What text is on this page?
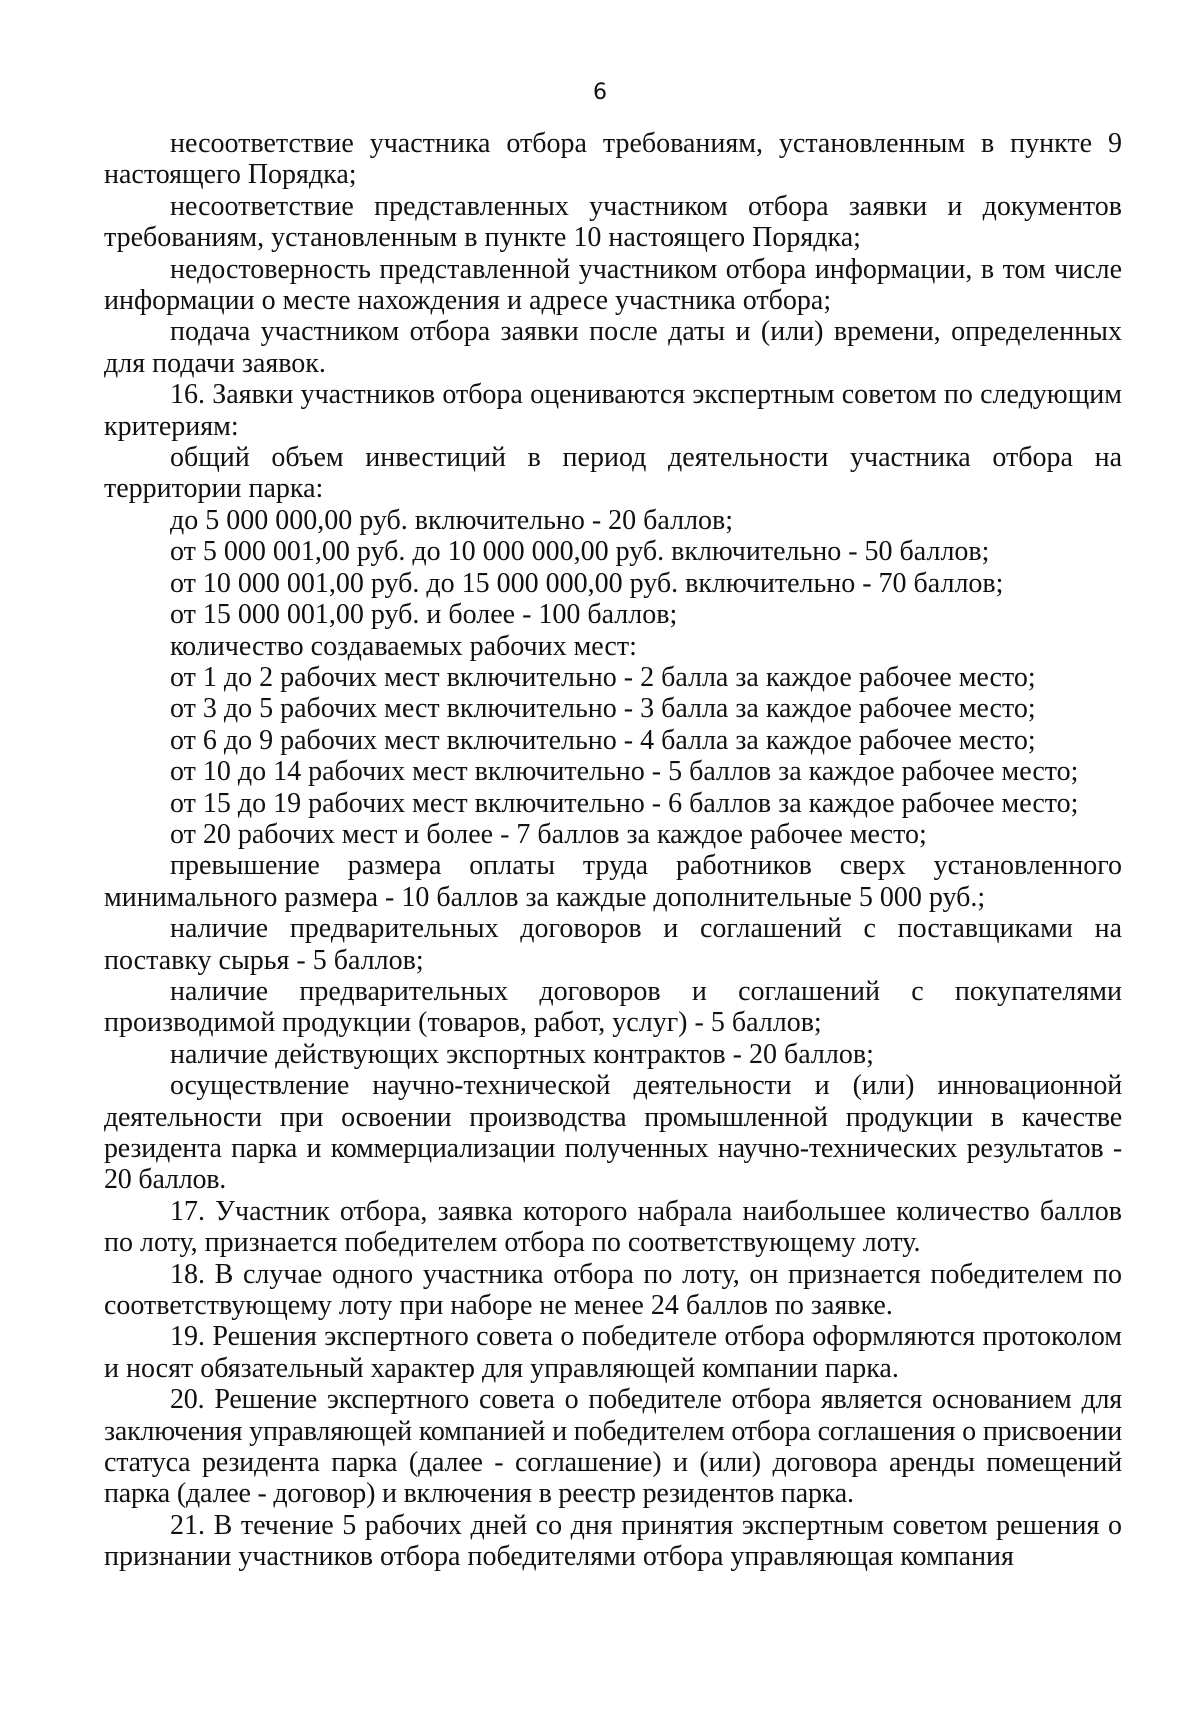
6

несоответствие участника отбора требованиям, установленным в пункте 9 настоящего Порядка;

несоответствие представленных участником отбора заявки и документов требованиям, установленным в пункте 10 настоящего Порядка;

недостоверность представленной участником отбора информации, в том числе информации о месте нахождения и адресе участника отбора;

подача участником отбора заявки после даты и (или) времени, определенных для подачи заявок.

16. Заявки участников отбора оцениваются экспертным советом по следующим критериям:

общий объем инвестиций в период деятельности участника отбора на территории парка:

до 5 000 000,00 руб. включительно - 20 баллов;

от 5 000 001,00 руб. до 10 000 000,00 руб. включительно - 50 баллов;

от 10 000 001,00 руб. до 15 000 000,00 руб. включительно - 70 баллов;

от 15 000 001,00 руб. и более - 100 баллов;

количество создаваемых рабочих мест:

от 1 до 2 рабочих мест включительно - 2 балла за каждое рабочее место;

от 3 до 5 рабочих мест включительно - 3 балла за каждое рабочее место;

от 6 до 9 рабочих мест включительно - 4 балла за каждое рабочее место;

от 10 до 14 рабочих мест включительно - 5 баллов за каждое рабочее место;

от 15 до 19 рабочих мест включительно - 6 баллов за каждое рабочее место;

от 20 рабочих мест и более - 7 баллов за каждое рабочее место;

превышение размера оплаты труда работников сверх установленного минимального размера - 10 баллов за каждые дополнительные 5 000 руб.;

наличие предварительных договоров и соглашений с поставщиками на поставку сырья - 5 баллов;

наличие предварительных договоров и соглашений с покупателями производимой продукции (товаров, работ, услуг) - 5 баллов;

наличие действующих экспортных контрактов - 20 баллов;

осуществление научно-технической деятельности и (или) инновационной деятельности при освоении производства промышленной продукции в качестве резидента парка и коммерциализации полученных научно-технических результатов - 20 баллов.

17. Участник отбора, заявка которого набрала наибольшее количество баллов по лоту, признается победителем отбора по соответствующему лоту.

18. В случае одного участника отбора по лоту, он признается победителем по соответствующему лоту при наборе не менее 24 баллов по заявке.

19. Решения экспертного совета о победителе отбора оформляются протоколом и носят обязательный характер для управляющей компании парка.

20. Решение экспертного совета о победителе отбора является основанием для заключения управляющей компанией и победителем отбора соглашения о присвоении статуса резидента парка (далее - соглашение) и (или) договора аренды помещений парка (далее - договор) и включения в реестр резидентов парка.

21. В течение 5 рабочих дней со дня принятия экспертным советом решения о признании участников отбора победителями отбора управляющая компания
